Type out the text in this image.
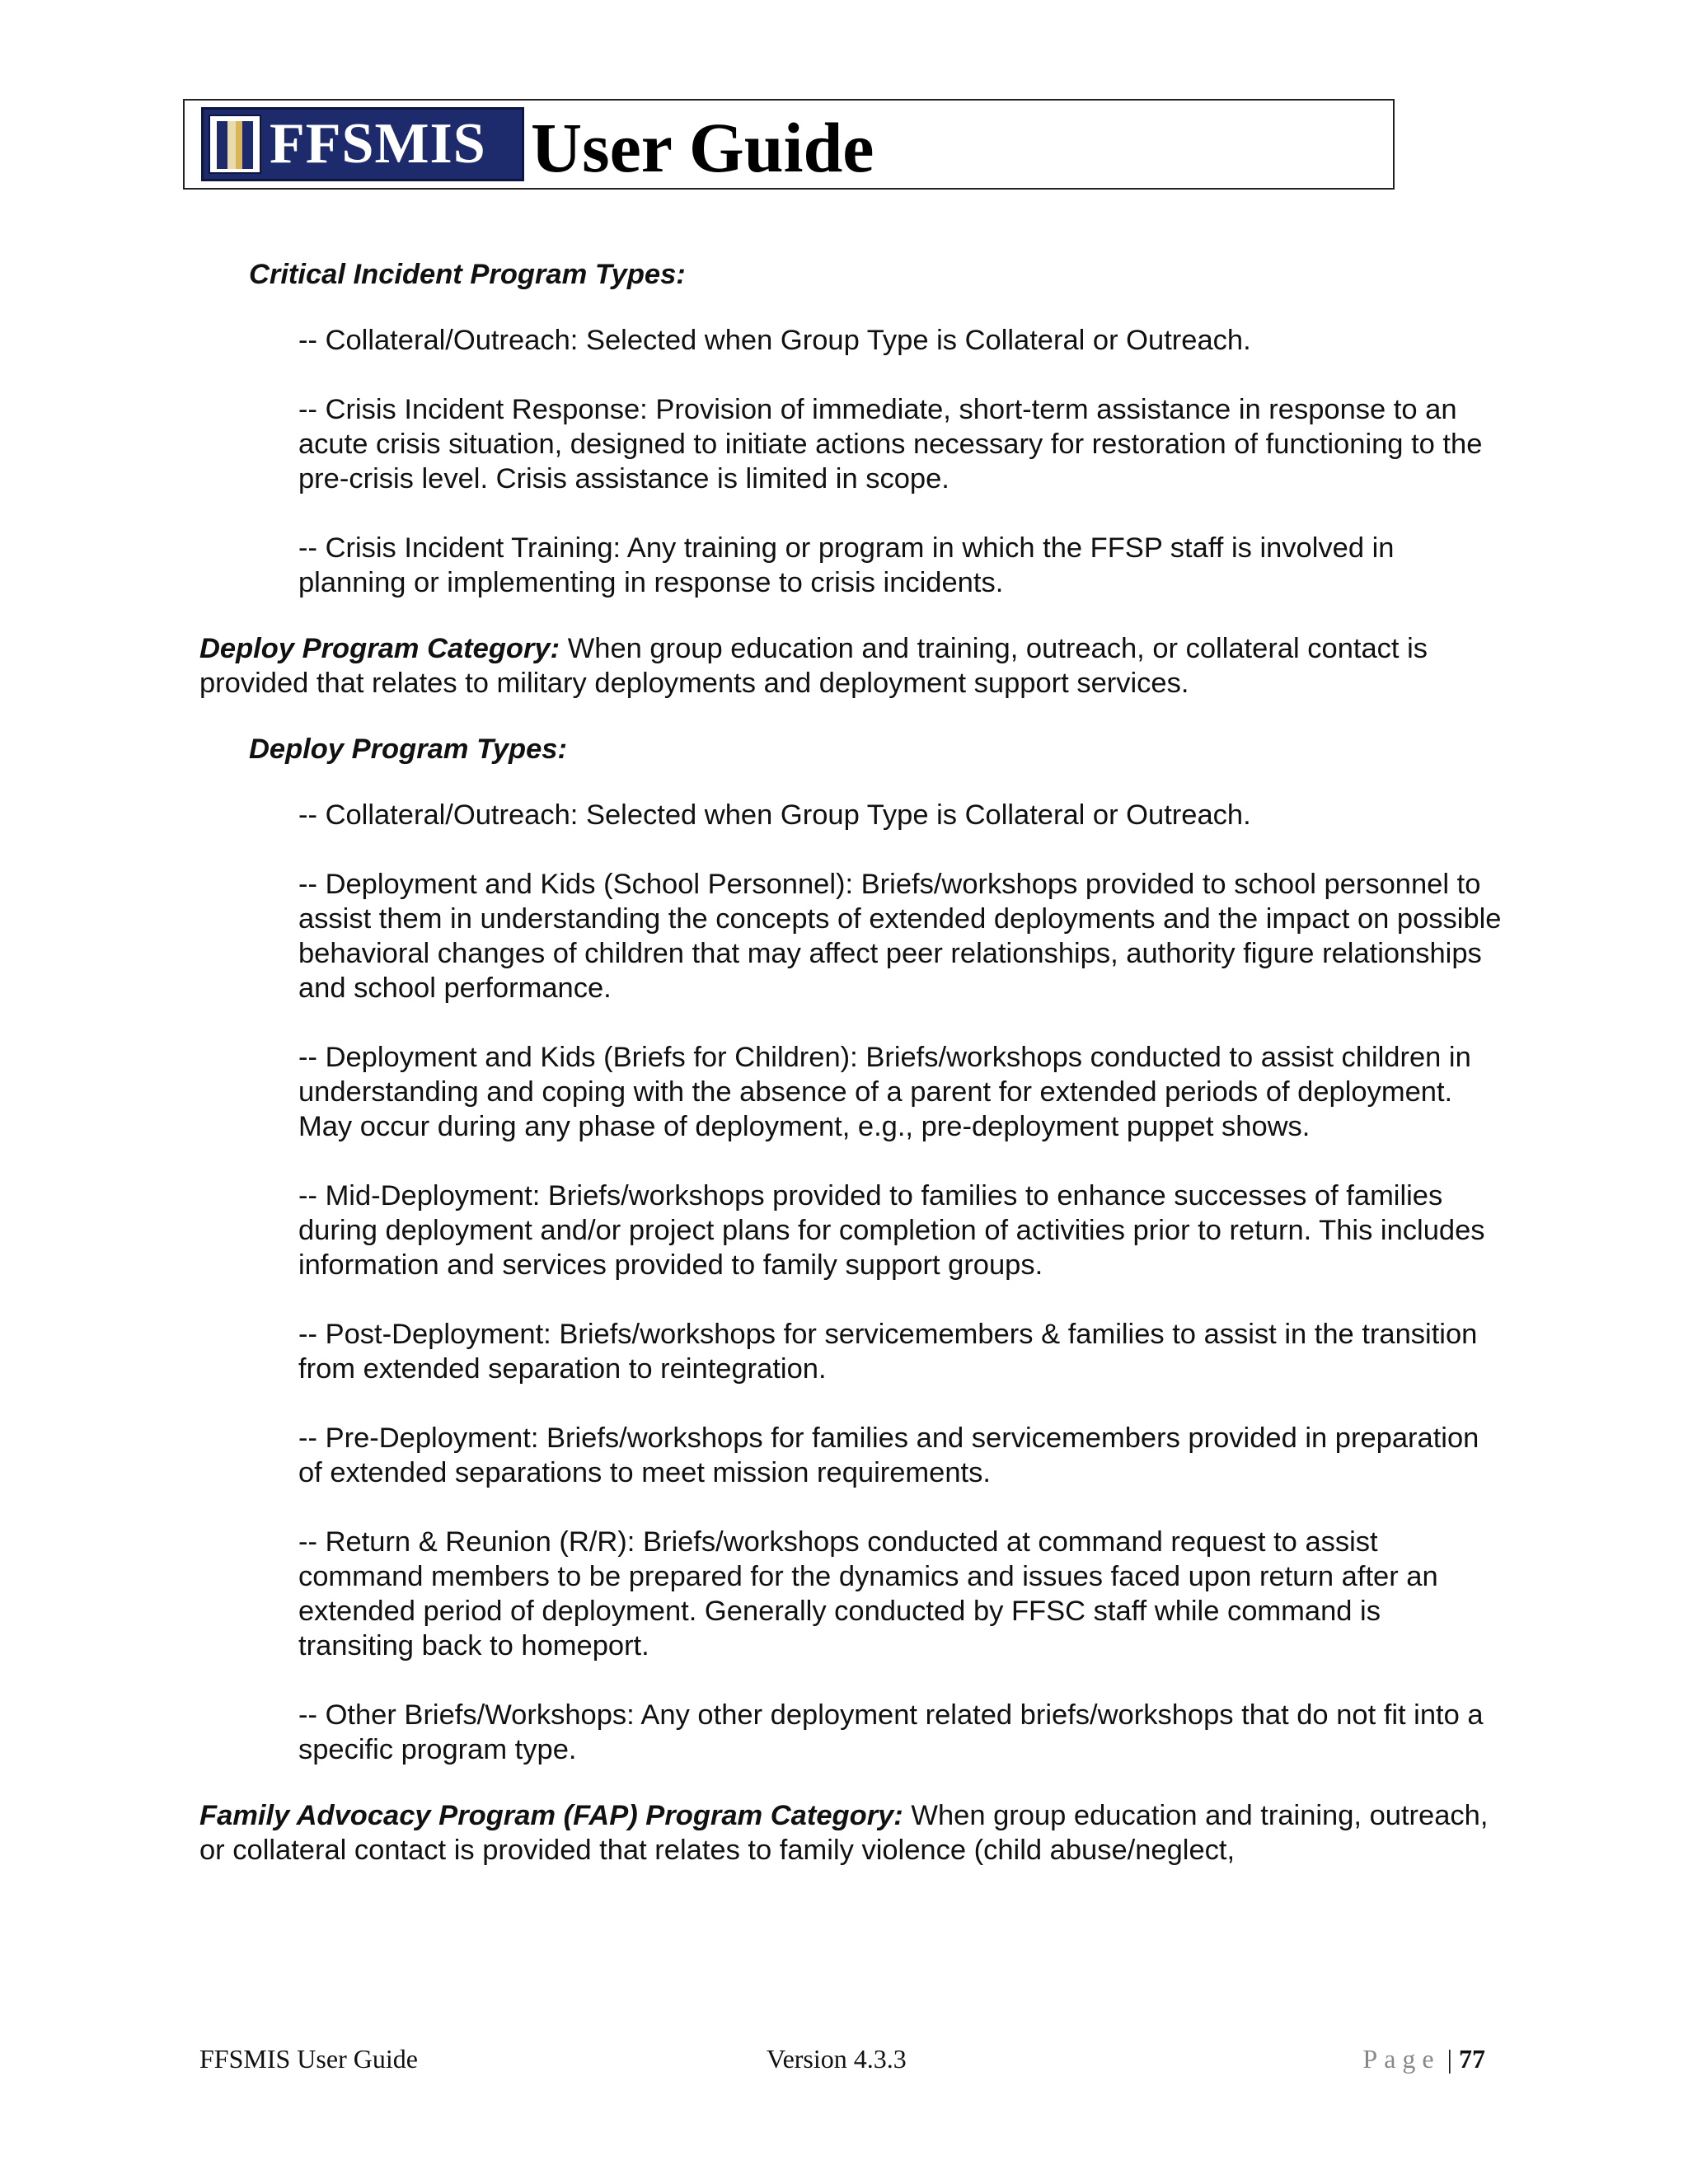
FFSMIS User Guide

Critical Incident Program Types:

-- Collateral/Outreach: Selected when Group Type is Collateral or Outreach.

-- Crisis Incident Response: Provision of immediate, short-term assistance in response to an acute crisis situation, designed to initiate actions necessary for restoration of functioning to the pre-crisis level. Crisis assistance is limited in scope.

-- Crisis Incident Training: Any training or program in which the FFSP staff is involved in planning or implementing in response to crisis incidents.

Deploy Program Category: When group education and training, outreach, or collateral contact is provided that relates to military deployments and deployment support services.

Deploy Program Types:

-- Collateral/Outreach: Selected when Group Type is Collateral or Outreach.

-- Deployment and Kids (School Personnel): Briefs/workshops provided to school personnel to assist them in understanding the concepts of extended deployments and the impact on possible behavioral changes of children that may affect peer relationships, authority figure relationships and school performance.

-- Deployment and Kids (Briefs for Children): Briefs/workshops conducted to assist children in understanding and coping with the absence of a parent for extended periods of deployment. May occur during any phase of deployment, e.g., pre-deployment puppet shows.

-- Mid-Deployment: Briefs/workshops provided to families to enhance successes of families during deployment and/or project plans for completion of activities prior to return. This includes information and services provided to family support groups.

-- Post-Deployment: Briefs/workshops for servicemembers & families to assist in the transition from extended separation to reintegration.

-- Pre-Deployment: Briefs/workshops for families and servicemembers provided in preparation of extended separations to meet mission requirements.

-- Return & Reunion (R/R): Briefs/workshops conducted at command request to assist command members to be prepared for the dynamics and issues faced upon return after an extended period of deployment. Generally conducted by FFSC staff while command is transiting back to homeport.

-- Other Briefs/Workshops: Any other deployment related briefs/workshops that do not fit into a specific program type.

Family Advocacy Program (FAP) Program Category: When group education and training, outreach, or collateral contact is provided that relates to family violence (child abuse/neglect,

FFSMIS User Guide	Version 4.3.3	Page | 77
